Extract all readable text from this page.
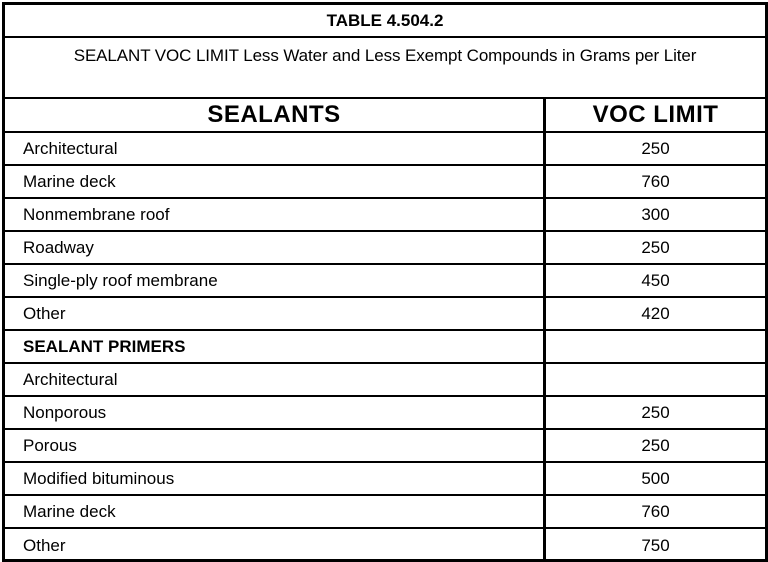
TABLE 4.504.2
SEALANT VOC LIMIT Less Water and Less Exempt Compounds in Grams per Liter
SEALANTS	VOC LIMIT
Architectural	250
Marine deck	760
Nonmembrane roof	300
Roadway	250
Single-ply roof membrane	450
Other	420
SEALANT PRIMERS
Architectural
Nonporous	250
Porous	250
Modified bituminous	500
Marine deck	760
Other	750
